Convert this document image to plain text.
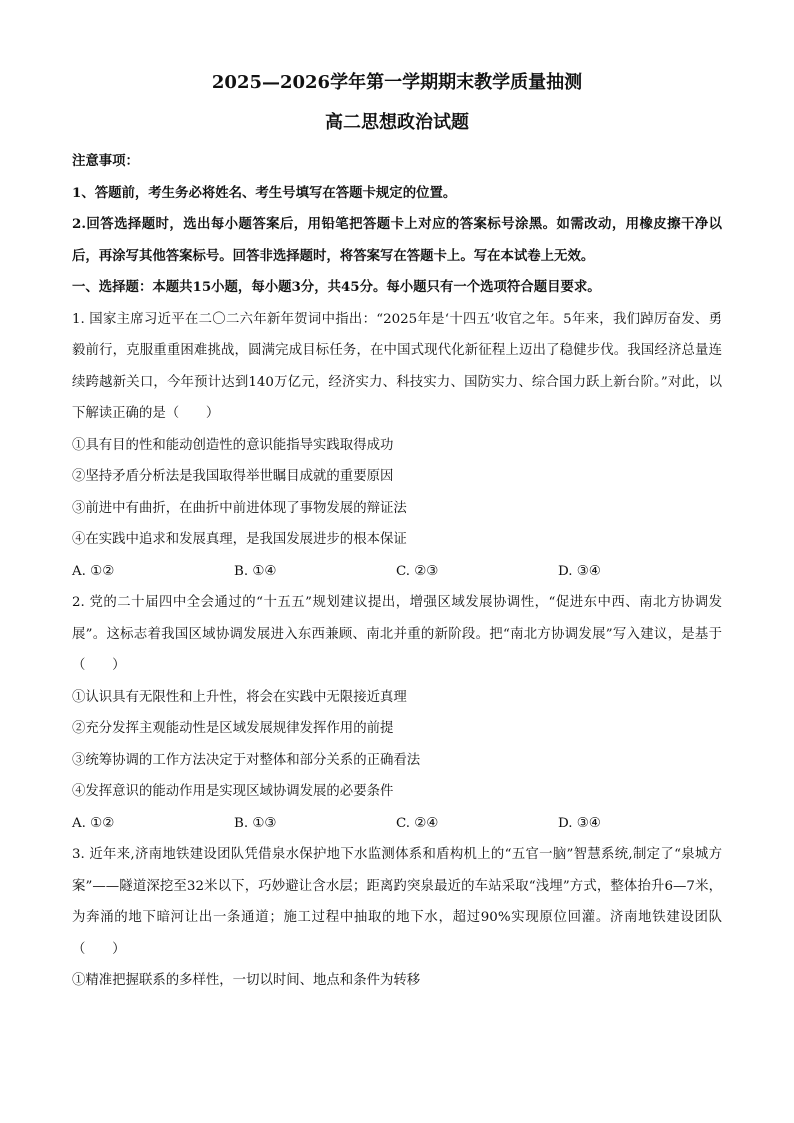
2025—2026学年第一学期期末教学质量抽测

高二思想政治试题

注意事项：

1、答题前，考生务必将姓名、考生号填写在答题卡规定的位置。

2.回答选择题时，选出每小题答案后，用铅笔把答题卡上对应的答案标号涂黑。如需改动，用橡皮擦干净以后，再涂写其他答案标号。回答非选择题时，将答案写在答题卡上。写在本试卷上无效。

一、选择题：本题共15小题，每小题3分，共45分。每小题只有一个选项符合题目要求。

1. 国家主席习近平在二〇二六年新年贺词中指出：“2025年是‘十四五’收官之年。5年来，我们踔厉奋发、勇毅前行，克服重重困难挑战，圆满完成目标任务，在中国式现代化新征程上迈出了稳健步伐。我国经济总量连续跨越新关口，今年预计达到140万亿元，经济实力、科技实力、国防实力、综合国力跃上新台阶。”对此，以下解读正确的是（　　）

①具有目的性和能动创造性的意识能指导实践取得成功

②坚持矛盾分析法是我国取得举世瞩目成就的重要原因

③前进中有曲折，在曲折中前进体现了事物发展的辩证法

④在实践中追求和发展真理，是我国发展进步的根本保证

A. ①②	B. ①④	C. ②③	D. ③④

2. 党的二十届四中全会通过的“十五五”规划建议提出，增强区域发展协调性，“促进东中西、南北方协调发展”。这标志着我国区域协调发展进入东西兼顾、南北并重的新阶段。把“南北方协调发展”写入建议，是基于（　　）

①认识具有无限性和上升性，将会在实践中无限接近真理

②充分发挥主观能动性是区域发展规律发挥作用的前提

③统筹协调的工作方法决定于对整体和部分关系的正确看法

④发挥意识的能动作用是实现区域协调发展的必要条件

A. ①②	B. ①③	C. ②④	D. ③④

3. 近年来,济南地铁建设团队凭借泉水保护地下水监测体系和盾构机上的“五官一脑”智慧系统,制定了“泉城方案”——隧道深挖至32米以下，巧妙避让含水层；距离趵突泉最近的车站采取“浅埋”方式，整体抬升6—7米，为奔涌的地下暗河让出一条通道；施工过程中抽取的地下水，超过90%实现原位回灌。济南地铁建设团队（　　）

①精准把握联系的多样性，一切以时间、地点和条件为转移
